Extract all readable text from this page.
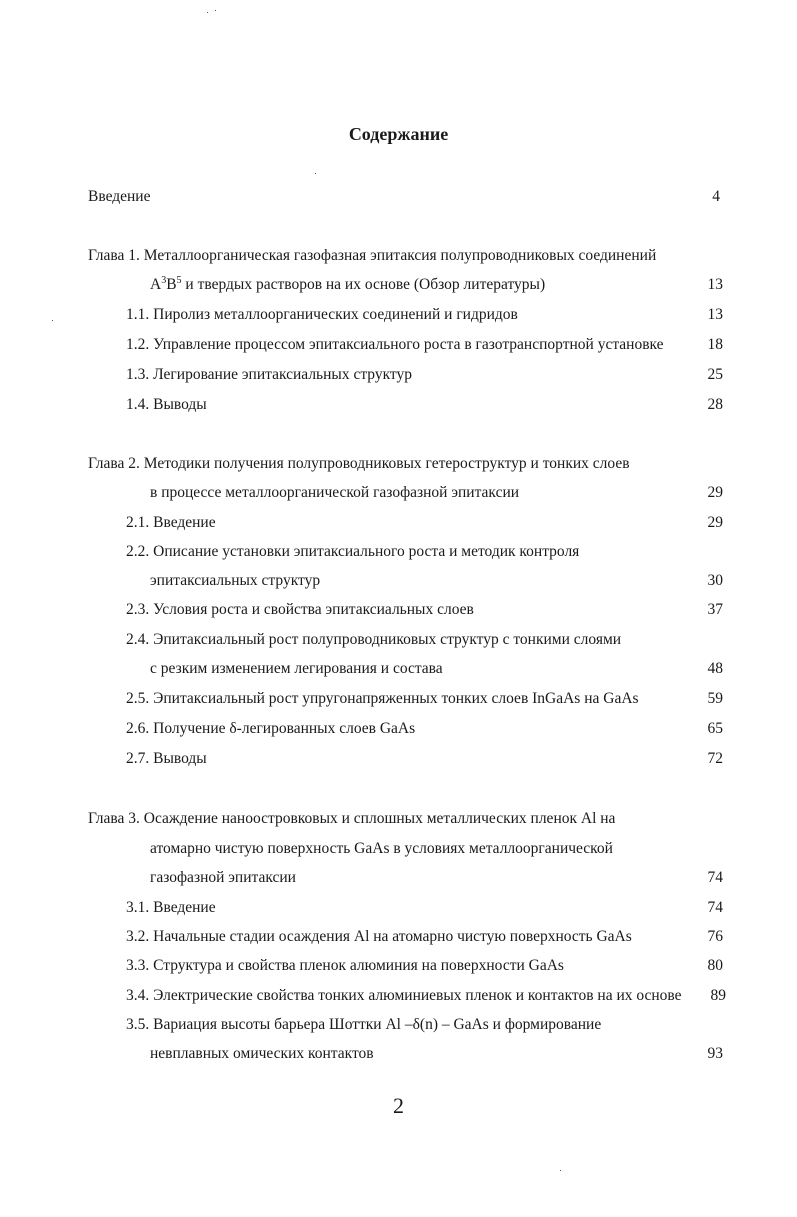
Содержание
Введение	4
Глава 1. Металлоорганическая газофазная эпитаксия полупроводниковых соединений
$A^3B^5$ и твердых растворов на их основе (Обзор литературы)	13
1.1. Пиролиз металлоорганических соединений и гидридов	13
1.2. Управление процессом эпитаксиального роста в газотранспортной установке	18
1.3. Легирование эпитаксиальных структур	25
1.4. Выводы	28
Глава 2. Методики получения полупроводниковых гетероструктур и тонких слоев
в процессе металлоорганической газофазной эпитаксии	29
2.1. Введение	29
2.2. Описание установки эпитаксиального роста и методик контроля
эпитаксиальных структур	30
2.3. Условия роста и свойства эпитаксиальных слоев	37
2.4. Эпитаксиальный рост полупроводниковых структур с тонкими слоями
с резким изменением легирования и состава	48
2.5. Эпитаксиальный рост упругонапряженных тонких слоев InGaAs на GaAs	59
2.6. Получение δ-легированных слоев GaAs	65
2.7. Выводы	72
Глава 3. Осаждение наноостровковых и сплошных металлических пленок Al на
атомарно чистую поверхность GaAs в условиях металлоорганической
газофазной эпитаксии	74
3.1. Введение	74
3.2. Начальные стадии осаждения Al на атомарно чистую поверхность GaAs	76
3.3. Структура и свойства пленок алюминия на поверхности GaAs	80
3.4. Электрические свойства тонких алюминиевых пленок и контактов на их основе	89
3.5. Вариация высоты барьера Шоттки Al –δ(n) – GaAs и формирование
невплавных омических контактов	93
2
